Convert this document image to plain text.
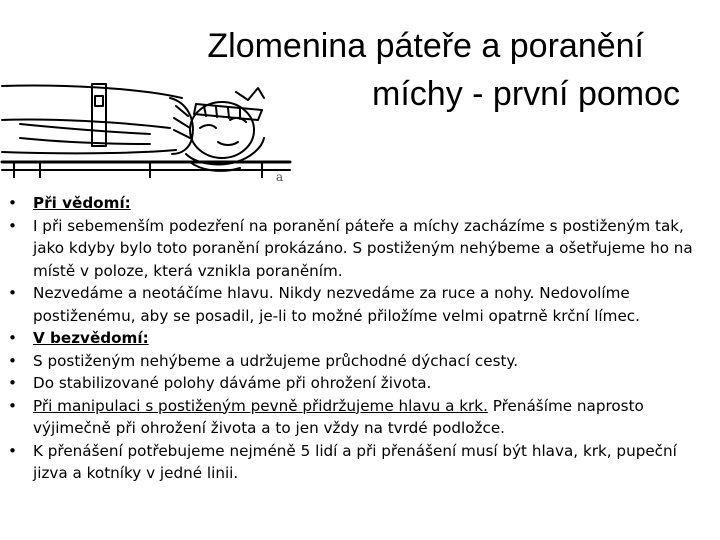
a
Zlomenina páteře a poranění
míchy - první pomoc
• Při vědomí:
• I při sebemenším podezření na poranění páteře a míchy zacházíme s postiženým tak, jako kdyby bylo toto poranění prokázáno. S postiženým nehýbeme a ošetřujeme ho na místě v poloze, která vznikla poraněním.
• Nezvedáme a neotáčíme hlavu. Nikdy nezvedáme za ruce a nohy. Nedovolíme postiženému, aby se posadil, je-li to možné přiložíme velmi opatrně krční límec.
• V bezvědomí:
• S postiženým nehýbeme a udržujeme průchodné dýchací cesty.
• Do stabilizované polohy dáváme při ohrožení života.
• Při manipulaci s postiženým pevně přidržujeme hlavu a krk. Přenášíme naprosto výjimečně při ohrožení života a to jen vždy na tvrdé podložce.
• K přenášení potřebujeme nejméně 5 lidí a při přenášení musí být hlava, krk, pupeční jizva a kotníky v jedné linii.
